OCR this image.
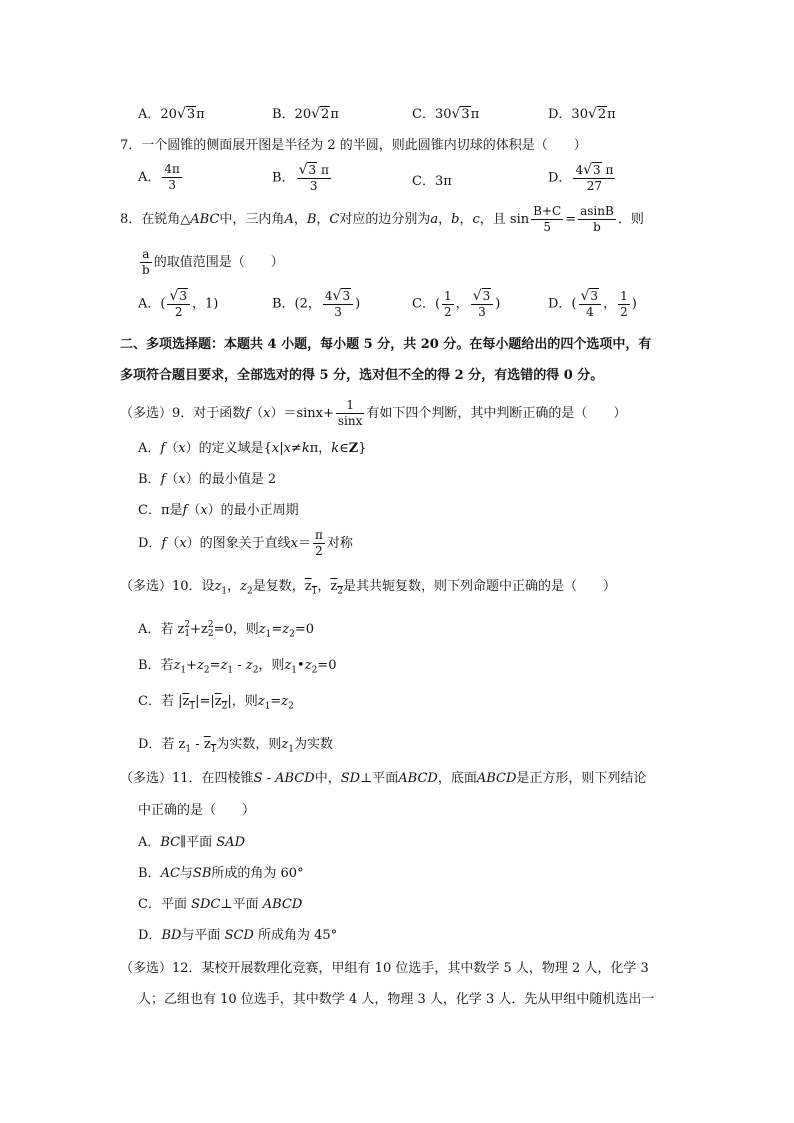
A．20√3π	B．20√2π	C．30√3π	D．30√2π
7．一个圆锥的侧面展开图是半径为 2 的半圆，则此圆锥内切球的体积是（　　）
A． $\frac{4\pi}{3}$	B． $\frac{√3 \pi}{3}$	C．3π	D． $\frac{4√3 \pi}{27}$
8．在锐角△ABC中，三内角A，B，C对应的边分别为a，b，c，且 $\sin \frac{B+C}{5} = \frac{asinB}{b}$ ．则
$\frac{a}{b}$ 的取值范围是（　　）
A．( $\frac{√3}{2}$ ，1)	B．(2， $\frac{4√3}{3}$ )	C．( $\frac{1}{2}$ ， $\frac{√3}{3}$ )	D．( $\frac{√3}{4}$ ， $\frac{1}{2}$ )
二、多项选择题：本题共 4 小题，每小题 5 分，共 20 分。在每小题给出的四个选项中，有
多项符合题目要求，全部选对的得 5 分，选对但不全的得 2 分，有选错的得 0 分。
（多选）9．对于函数$f(x)=\sin x+ \frac{1}{\sin x}$ 有如下四个判断，其中判断正确的是（　　）
A．f（x）的定义域是{x|x≠kπ，k∈Z}
B．f（x）的最小值是 2
C．π是f（x）的最小正周期
D．f（x）的图象关于直线$x= \frac{\pi}{2}$ 对称
（多选）10．设$z_1$，$z_2$是复数，$z_1$，$z_2$是其共轭复数，则下列命题中正确的是（　　）
A．若 z 2
1 +z 2
2 =0，则$z_1=z_2=0$
B．若$z_1+z_2=z_1 - z_2$，则$z_1•z_2=0$
C．若 $|z_1|=|z_2|$，则$z_1=z_2$
D．若 $z_1 - z_1$为实数，则$z_1$为实数
（多选）11．在四棱锥S - ABCD中，SD⊥平面ABCD，底面ABCD是正方形，则下列结论
中正确的是（　　）
A．BC∥平面 SAD
B．AC与SB所成的角为 60°
C．平面 SDC⊥平面 ABCD
D．BD与平面 SCD 所成角为 45°
（多选）12．某校开展数理化竞赛，甲组有 10 位选手，其中数学 5 人，物理 2 人，化学 3
人；乙组也有 10 位选手，其中数学 4 人，物理 3 人，化学 3 人．先从甲组中随机选出一
